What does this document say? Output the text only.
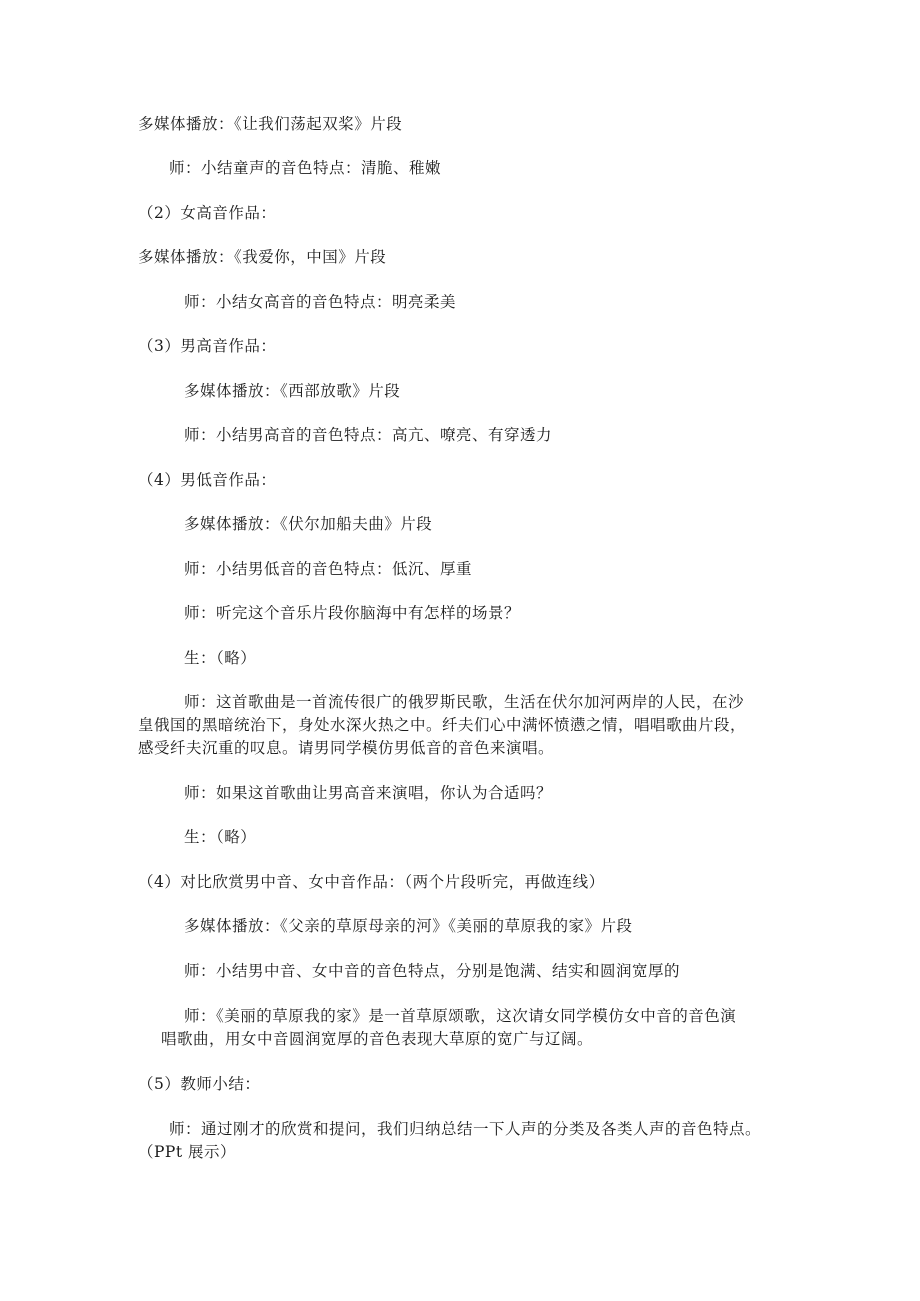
多媒体播放：《让我们荡起双桨》片段
师：小结童声的音色特点：清脆、稚嫩
（2）女高音作品：
多媒体播放：《我爱你，中国》片段
师：小结女高音的音色特点：明亮柔美
（3）男高音作品：
多媒体播放：《西部放歌》片段
师：小结男高音的音色特点：高亢、嘹亮、有穿透力
（4）男低音作品：
多媒体播放：《伏尔加船夫曲》片段
师：小结男低音的音色特点：低沉、厚重
师：听完这个音乐片段你脑海中有怎样的场景？
生：（略）
师：这首歌曲是一首流传很广的俄罗斯民歌，生活在伏尔加河两岸的人民，在沙
皇俄国的黑暗统治下，身处水深火热之中。纤夫们心中满怀愤懑之情，唱唱歌曲片段，
感受纤夫沉重的叹息。请男同学模仿男低音的音色来演唱。
师：如果这首歌曲让男高音来演唱，你认为合适吗？
生：（略）
（4）对比欣赏男中音、女中音作品：（两个片段听完，再做连线）
多媒体播放：《父亲的草原母亲的河》《美丽的草原我的家》片段
师：小结男中音、女中音的音色特点，分别是饱满、结实和圆润宽厚的
师：《美丽的草原我的家》是一首草原颂歌，这次请女同学模仿女中音的音色演
唱歌曲，用女中音圆润宽厚的音色表现大草原的宽广与辽阔。
（5）教师小结：
师：通过刚才的欣赏和提问，我们归纳总结一下人声的分类及各类人声的音色特点。
（PPt 展示）
